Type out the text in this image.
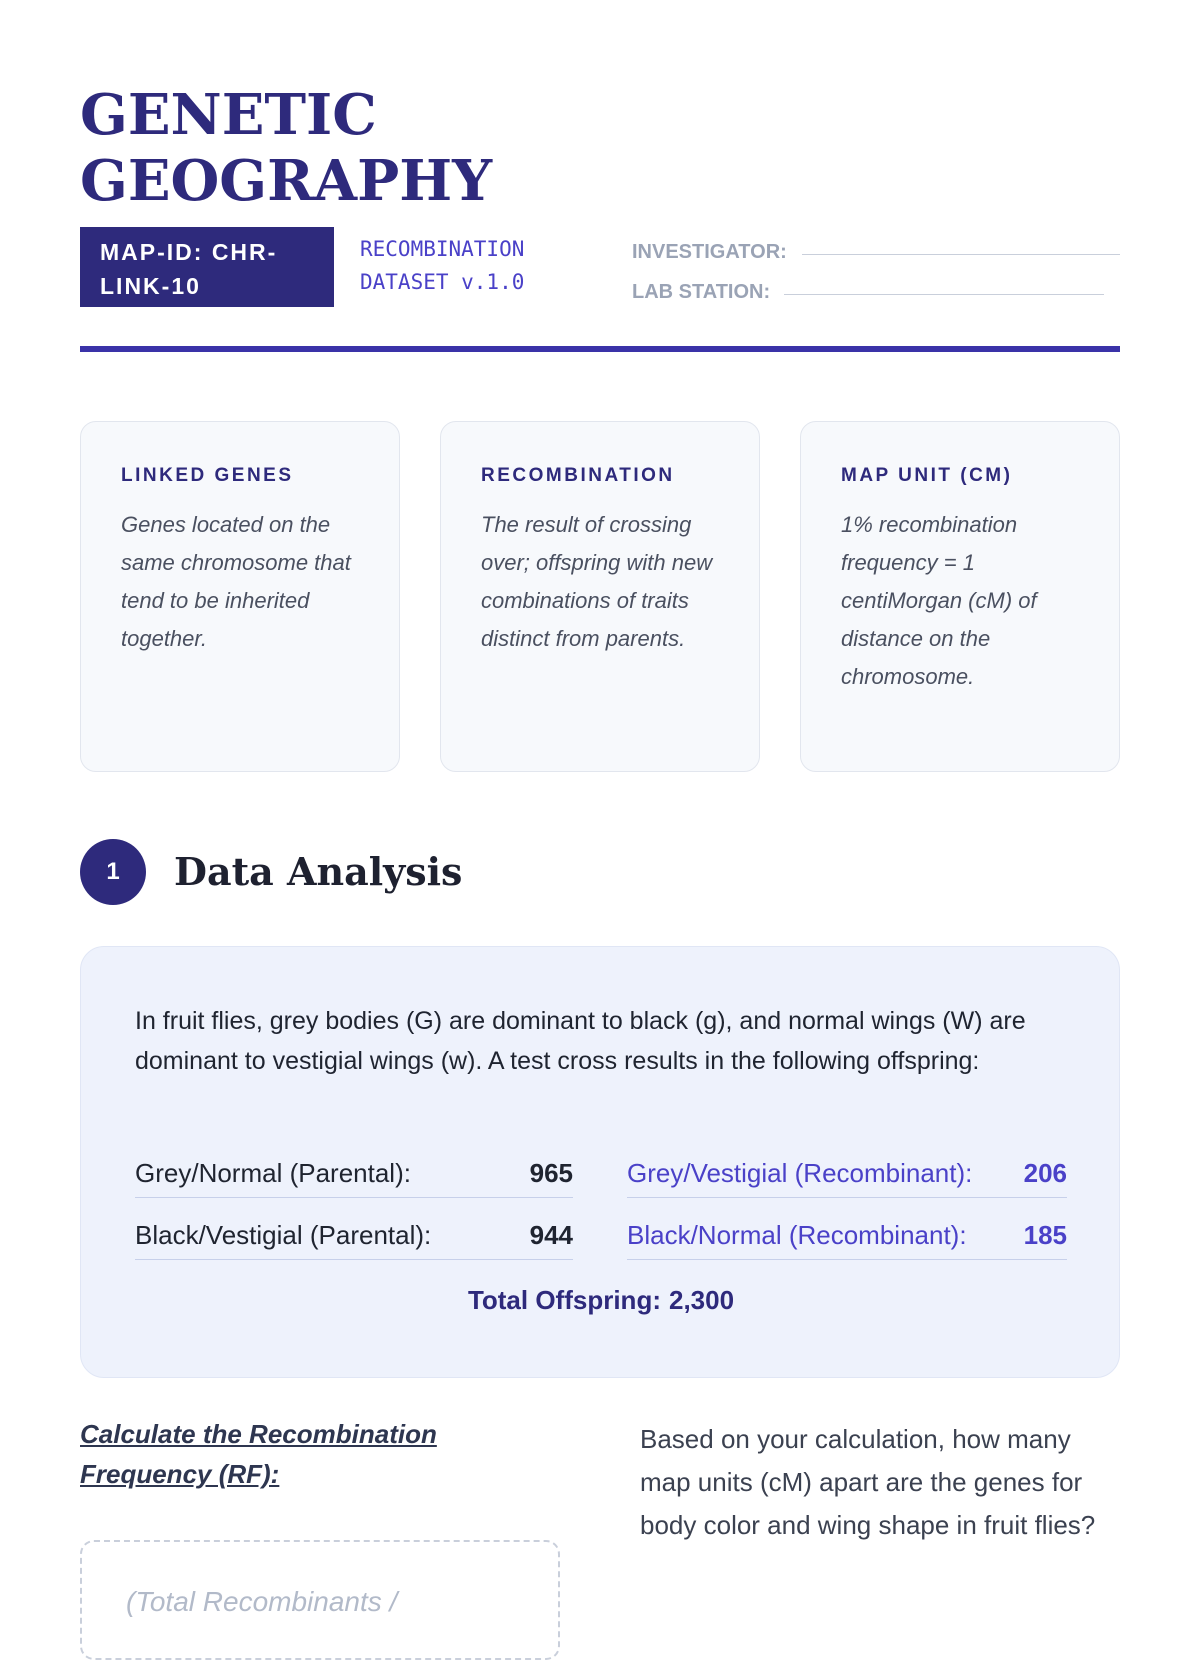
GENETIC
GEOGRAPHY
MAP-ID: CHR-LINK-10
RECOMBINATION
DATASET v.1.0
INVESTIGATOR:
LAB STATION:
LINKED GENES

Genes located on the same chromosome that tend to be inherited together.

RECOMBINATION

The result of crossing over; offspring with new combinations of traits distinct from parents.

MAP UNIT (CM)

1% recombination frequency = 1 centiMorgan (cM) of distance on the chromosome.

1	Data Analysis

In fruit flies, grey bodies (G) are dominant to black (g), and normal wings (W) are dominant to vestigial wings (w). A test cross results in the following offspring:

Grey/Normal (Parental):	965
Black/Vestigial (Parental):	944
Grey/Vestigial (Recombinant): 206
Black/Normal (Recombinant): 185
Total Offspring: 2,300

Calculate the Recombination Frequency (RF):

(Total Recombinants /

Based on your calculation, how many map units (cM) apart are the genes for body color and wing shape in fruit flies?
